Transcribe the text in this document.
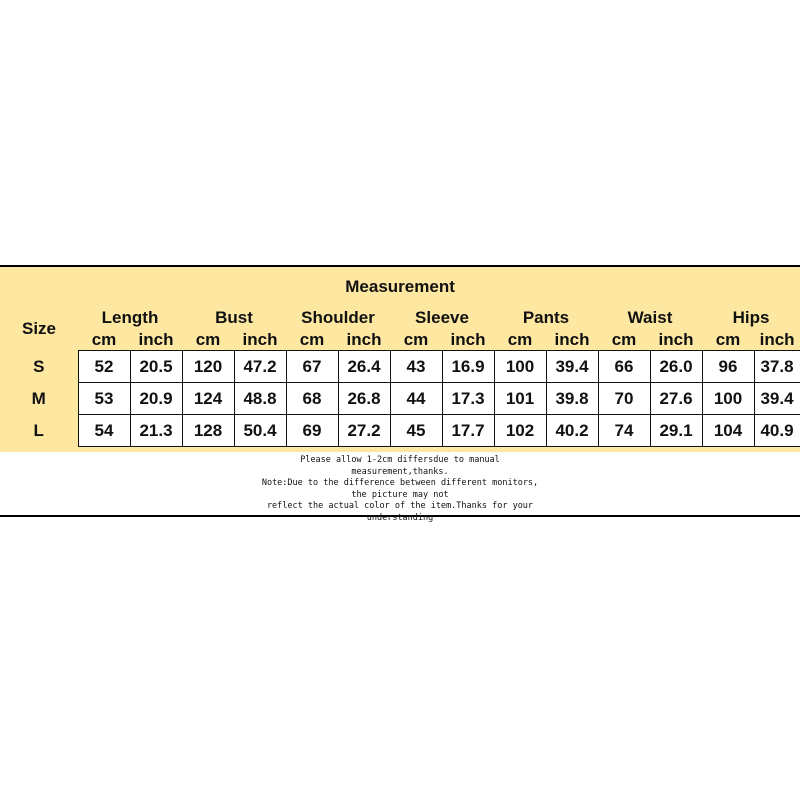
	Measurement													
Size	Length		Bust		Shoulder		Sleeve		Pants		Waist		Hips	
	cm	inch	cm	inch	cm	inch	cm	inch	cm	inch	cm	inch	cm	inch

S	52	20.5	120	47.2	67	26.4	43	16.9	100	39.4	66	26.0	96	37.8
M	53	20.9	124	48.8	68	26.8	44	17.3	101	39.8	70	27.6	100	39.4
L	54	21.3	128	50.4	69	27.2	45	17.7	102	40.2	74	29.1	104	40.9
Please allow 1-2cm differsdue to manual
measurement,thanks.
Note:Due to the difference between different monitors,
the picture may not
reflect the actual color of the item.Thanks for your
understanding
